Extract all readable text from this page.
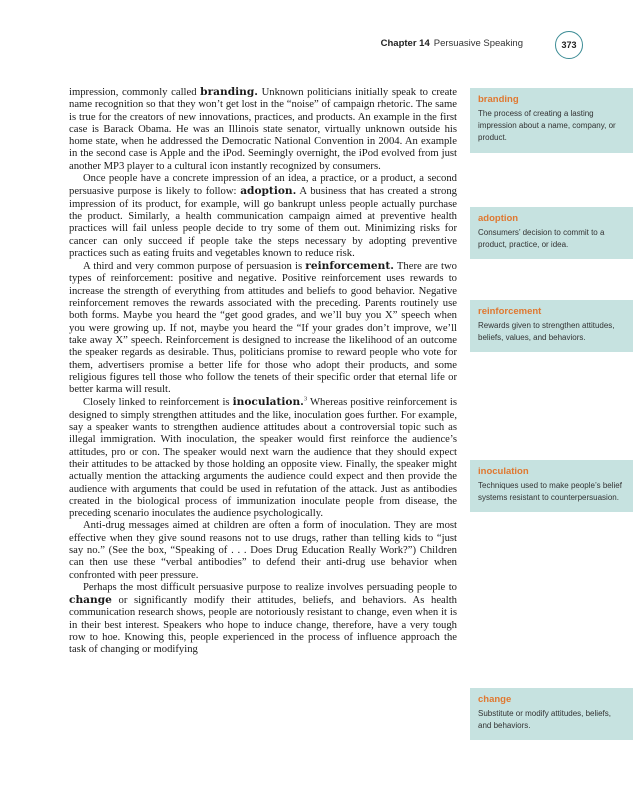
Chapter 14 Persuasive Speaking	373

impression, commonly called branding. Unknown politicians initially speak to create name recognition so that they won’t get lost in the “noise” of campaign rhetoric. The same is true for the creators of new innovations, practices, and products. An example in the first case is Barack Obama. He was an Illinois state senator, virtually unknown outside his home state, when he addressed the Democratic National Convention in 2004. An example in the second case is Apple and the iPod. Seemingly overnight, the iPod evolved from just another MP3 player to a cultural icon instantly recognized by consumers.

Once people have a concrete impression of an idea, a practice, or a product, a second persuasive purpose is likely to follow: adoption. A business that has created a strong impression of its product, for example, will go bankrupt unless people actually purchase the product. Similarly, a health communication campaign aimed at preventive health practices will fail unless people decide to try some of them out. Minimizing risks for cancer can only succeed if people take the steps necessary by adopting preventive practices such as eating fruits and vegetables known to reduce risk.

A third and very common purpose of persuasion is reinforcement. There are two types of reinforcement: positive and negative. Positive reinforcement uses rewards to increase the strength of everything from attitudes and beliefs to good behavior. Negative reinforcement removes the rewards associated with the preceding. Parents routinely use both forms. Maybe you heard the “get good grades, and we’ll buy you X” speech when you were growing up. If not, maybe you heard the “If your grades don’t improve, we’ll take away X” speech. Reinforcement is designed to increase the likelihood of an outcome the speaker regards as desirable. Thus, politicians promise to reward people who vote for them, advertisers promise a better life for those who adopt their products, and some religious figures tell those who follow the tenets of their specific order that eternal life or better karma will result.

Closely linked to reinforcement is inoculation.$^3$ Whereas positive reinforcement is designed to simply strengthen attitudes and the like, inoculation goes further. For example, say a speaker wants to strengthen audience attitudes about a controversial topic such as illegal immigration. With inoculation, the speaker would first reinforce the audience’s attitudes, pro or con. The speaker would next warn the audience that they should expect their attitudes to be attacked by those holding an opposite view. Finally, the speaker might actually mention the attacking arguments the audience could expect and then provide the audience with arguments that could be used in refutation of the attack. Just as antibodies created in the biological process of immunization inoculate people from disease, the preceding scenario inoculates the audience psychologically.

Anti-drug messages aimed at children are often a form of inoculation. They are most effective when they give sound reasons not to use drugs, rather than telling kids to “just say no.” (See the box, “Speaking of . . . Does Drug Education Really Work?”) Children can then use these “verbal antibodies” to defend their anti-drug use behavior when confronted with peer pressure.

Perhaps the most difficult persuasive purpose to realize involves persuading people to change or significantly modify their attitudes, beliefs, and behaviors. As health communication research shows, people are notoriously resistant to change, even when it is in their best interest. Speakers who hope to induce change, therefore, have a very tough row to hoe. Knowing this, people experienced in the process of influence approach the task of changing or modifying

branding
The process of creating a lasting impression about a name, company, or product.
adoption
Consumers’ decision to commit to a product, practice, or idea.
reinforcement
Rewards given to strengthen attitudes, beliefs, values, and behaviors.
inoculation
Techniques used to make people’s belief systems resistant to counterpersuasion.
change
Substitute or modify attitudes, beliefs, and behaviors.
